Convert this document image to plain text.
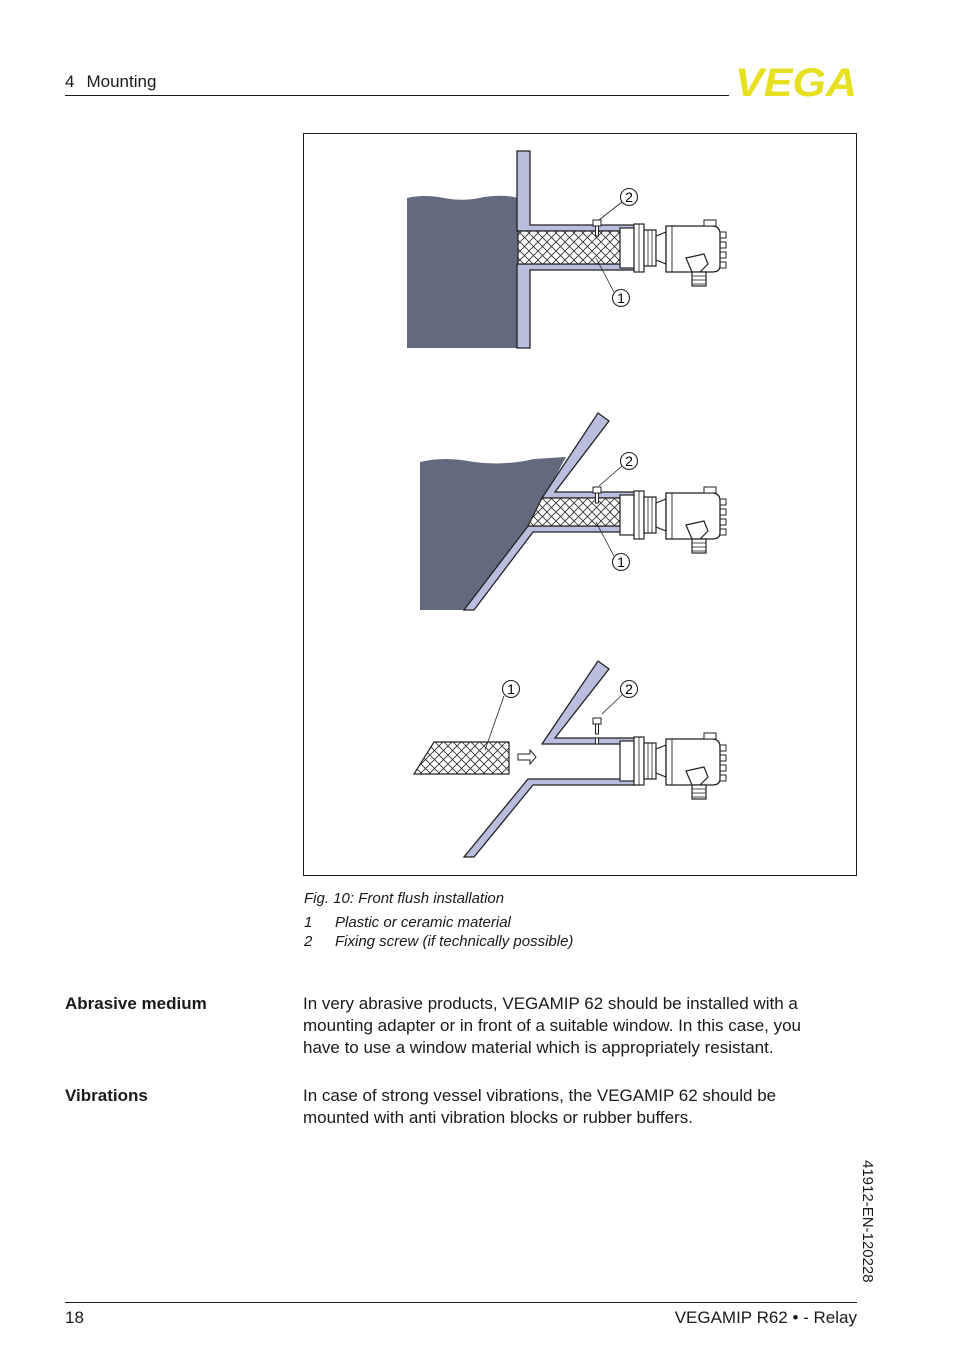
4 Mounting	VEGA
2
1
2
1
1	2
Fig. 10: Front flush installation
1 Plastic or ceramic material
2 Fixing screw (if technically possible)
Abrasive medium	In very abrasive products, VEGAMIP 62 should be installed with a
mounting adapter or in front of a suitable window. In this case, you
have to use a window material which is appropriately resistant.
Vibrations	In case of strong vessel vibrations, the VEGAMIP 62 should be
mounted with anti vibration blocks or rubber buffers.
41912-EN-120228
18	VEGAMIP R62 • - Relay
